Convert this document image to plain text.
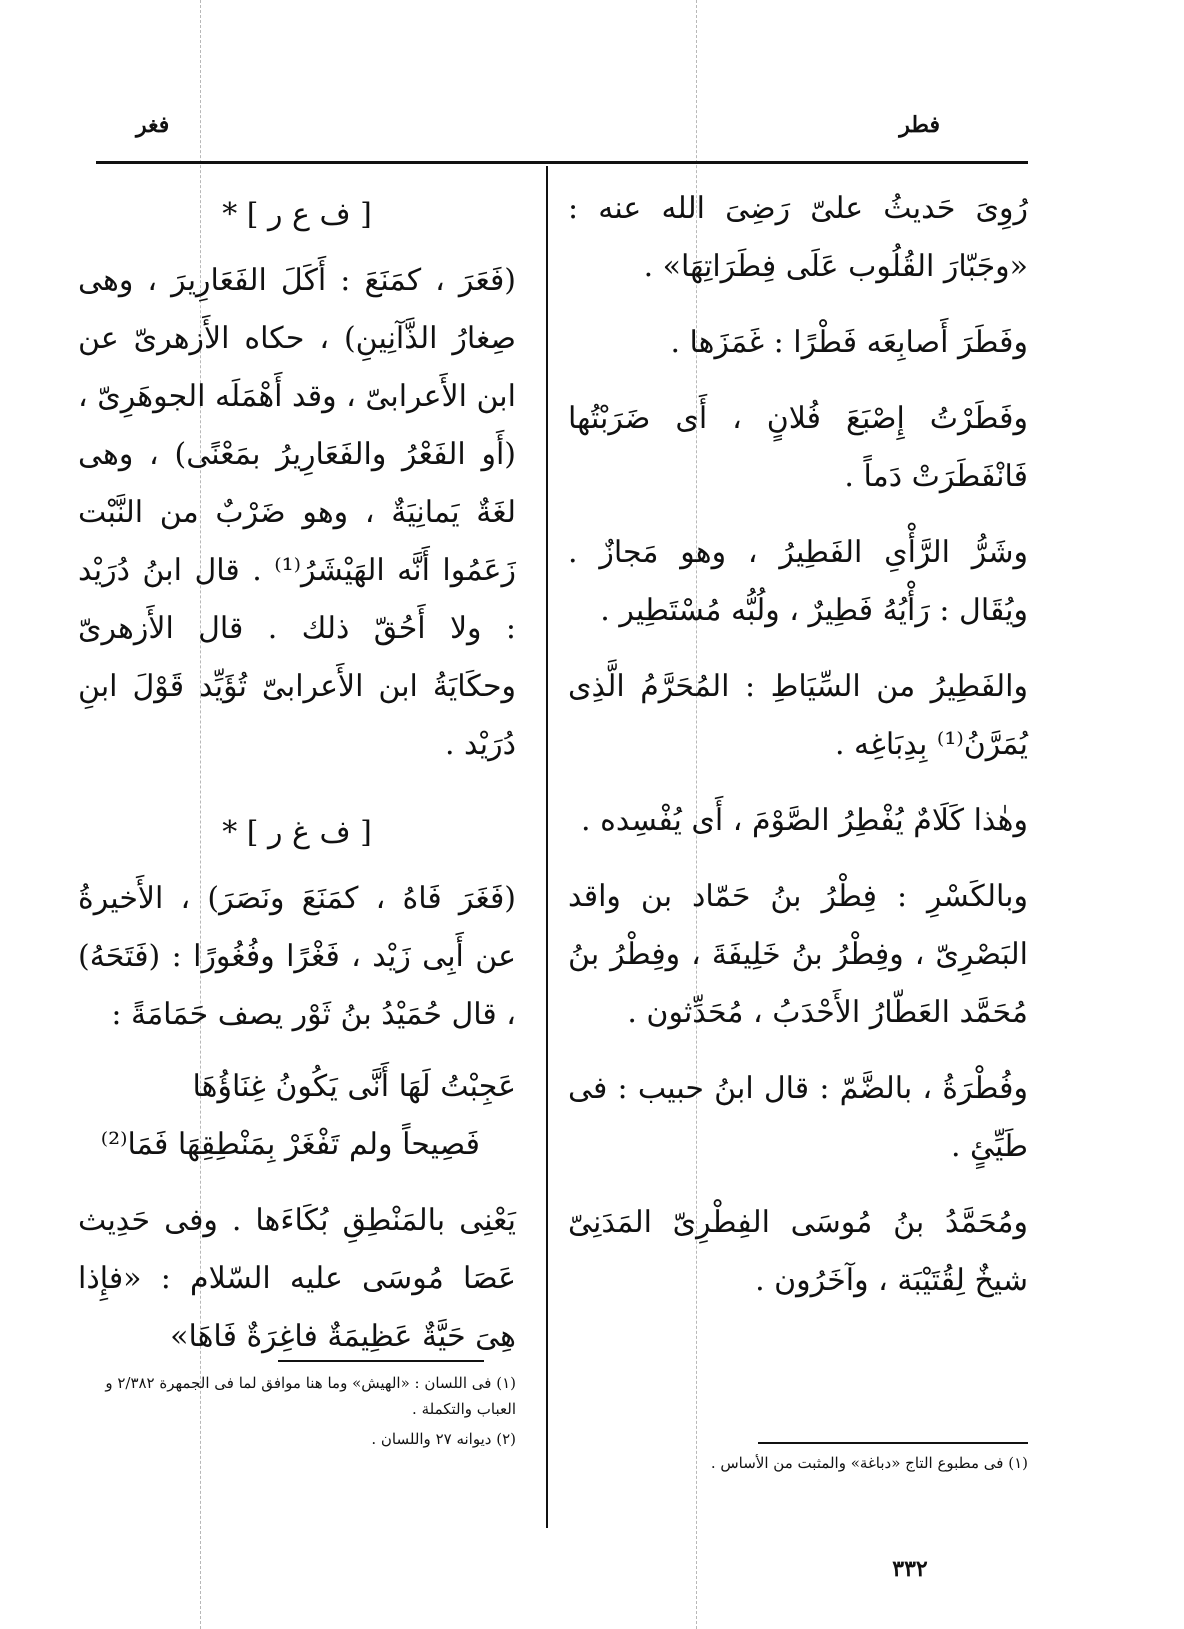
فطر
فغر

رُوِىَ حَديثُ علىّ رَضِىَ الله عنه : «وجَبّارَ القُلُوب عَلَى فِطَرَاتِهَا» .

وفَطَرَ أَصابِعَه فَطْرًا : غَمَزَها .

وفَطَرْتُ إِصْبَعَ فُلانٍ ، أَى ضَرَبْتُها فَانْفَطَرَتْ دَماً .

وشَرُّ الرَّأْىِ الفَطِيرُ ، وهو مَجازٌ . ويُقَال : رَأْيُهُ فَطِيرٌ ، ولُبُّه مُسْتَطِير .

والفَطِيرُ من السِّيَاطِ : المُحَرَّمُ الَّذِى يُمَرَّنُ⁽¹⁾ بِدِبَاغِه .

وهٰذا كَلَامٌ يُفْطِرُ الصَّوْمَ ، أَى يُفْسِده .

وبالكَسْرِ : فِطْرُ بنُ حَمّاد بن واقد البَصْرِىّ ، وفِطْرُ بنُ خَلِيفَةَ ، وفِطْرُ بنُ مُحَمَّد العَطّارُ الأَحْدَبُ ، مُحَدِّثون .

وفُطْرَةُ ، بالضَّمّ : قال ابنُ حبيب : فى طَيِّئٍ .

ومُحَمَّدُ بنُ مُوسَى الفِطْرِىّ المَدَنِىّ شيخٌ لِقُتَيْبَة ، وآخَرُون .

(١) فى مطبوع التاج «دباغة» والمثبت من الأساس .
[ ف ع ر ] *

(فَعَرَ ، كمَنَعَ : أَكَلَ الفَعَارِيرَ ، وهى صِغارُ الذَّآنِينِ) ، حكاه الأَزهرىّ عن ابن الأَعرابىّ ، وقد أَهْمَلَه الجوهَرِىّ ، (أَو الفَعْرُ والفَعَارِيرُ بمَعْنًى) ، وهى لغَةٌ يَمانِيَةٌ ، وهو ضَرْبٌ من النَّبْت زَعَمُوا أَنَّه الهَيْشَرُ⁽¹⁾ . قال ابنُ دُرَيْد : ولا أَحُقّ ذلك . قال الأَزهرىّ وحكَايَةُ ابن الأَعرابىّ تُؤَيِّد قَوْلَ ابنِ دُرَيْد .

[ ف غ ر ] *

(فَغَرَ فَاهُ ، كمَنَعَ ونَصَرَ) ، الأَخيرةُ عن أَبِى زَيْد ، فَغْرًا وفُغُورًا : (فَتَحَهُ) ، قال حُمَيْدُ بنُ ثَوْر يصف حَمَامَةً :

عَجِبْتُ لَهَا أَنَّى يَكُونُ غِنَاؤُهَا
فَصِيحاً ولم تَفْغَرْ بِمَنْطِقِهَا فَمَا⁽²⁾

يَعْنِى بالمَنْطِقِ بُكَاءَها . وفى حَدِيث عَصَا مُوسَى عليه السّلام : «فإِذا هِىَ حَيَّةٌ عَظِيمَةٌ فاغِرَةٌ فَاهَا»

(١) فى اللسان : «الهيش» وما هنا موافق لما فى الجمهرة ٢/٣٨٢ و العباب والتكملة .
(٢) ديوانه ٢٧ واللسان .
٣٣٢
